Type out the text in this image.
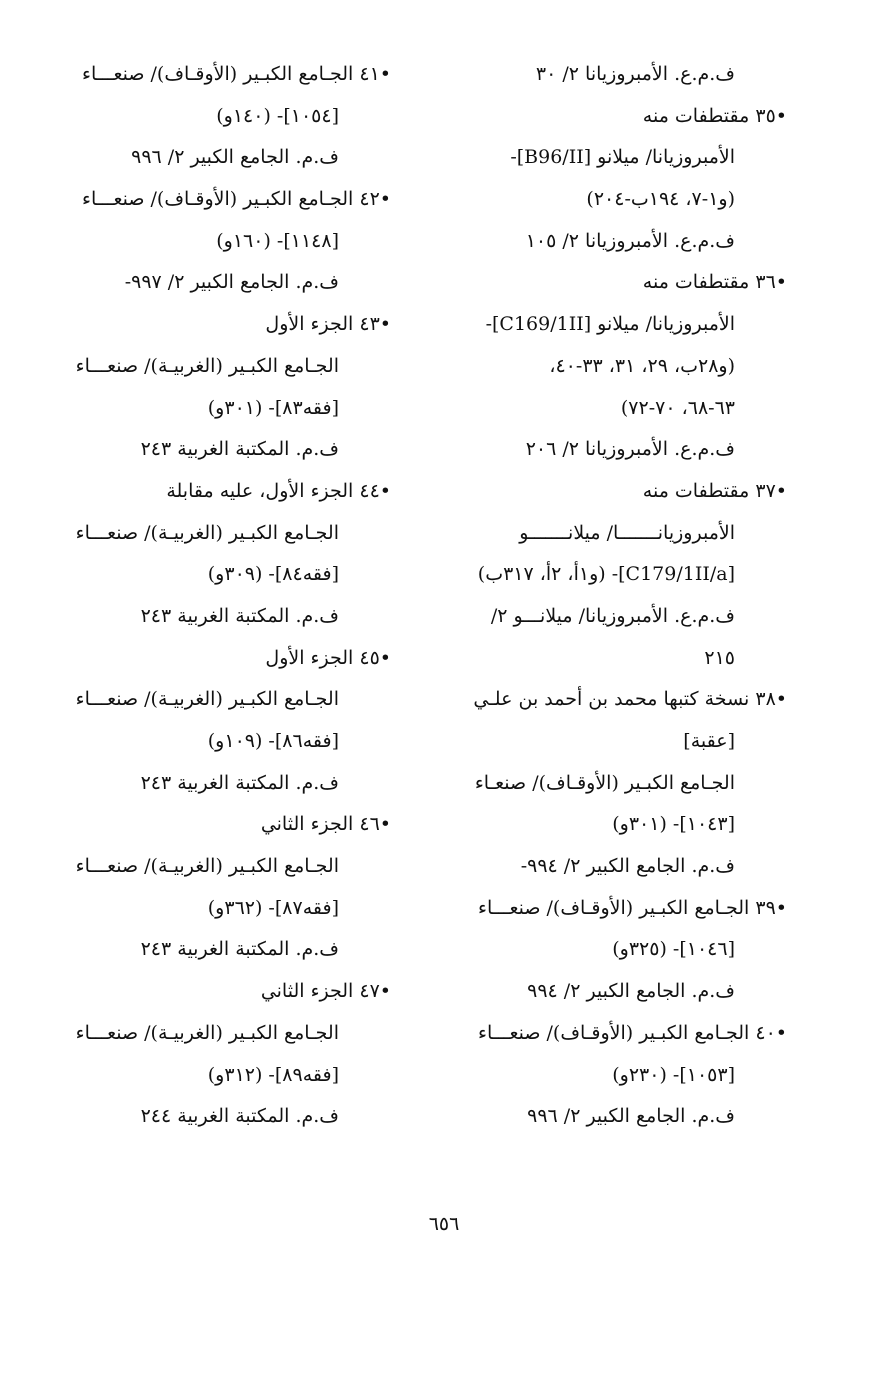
ف.م.ع. الأمبروزيانا ٢/ ٣٠
•٣٥ مقتطفات منه
الأمبروزيانا/ ميلانو [B96/II]-
(و١-٧، ١٩٤ب-٢٠٤)
ف.م.ع. الأمبروزيانا ٢/ ١٠٥
•٣٦ مقتطفات منه
الأمبروزيانا/ ميلانو [C169/1II]-
(و٢٨ب، ٢٩، ٣١، ٣٣-٤٠،
٦٣-٦٨، ٧٠-٧٢)
ف.م.ع. الأمبروزيانا ٢/ ٢٠٦
•٣٧ مقتطفات منه
الأمبروزيانـــــــا/ ميلانـــــــو
[C179/1II/a]- (و١أ، ٢أ، ٣١٧ب)
ف.م.ع. الأمبروزيانا/ ميلانـــو ٢/
٢١٥
•٣٨ نسخة كتبها محمد بن أحمد بن علـي
[عقبة]
الجـامع الكبـير (الأوقـاف)/ صنعـاء
[١٠٤٣]- (٣٠١و)
ف.م. الجامع الكبير ٢/ ٩٩٤-
•٣٩ الجـامع الكبـير (الأوقـاف)/ صنعـــاء
[١٠٤٦]- (٣٢٥و)
ف.م. الجامع الكبير ٢/ ٩٩٤
•٤٠ الجـامع الكبـير (الأوقـاف)/ صنعـــاء
[١٠٥٣]- (٢٣٠و)
ف.م. الجامع الكبير ٢/ ٩٩٦
•٤١ الجـامع الكبـير (الأوقـاف)/ صنعـــاء
[١٠٥٤]- (١٤٠و)
ف.م. الجامع الكبير ٢/ ٩٩٦
•٤٢ الجـامع الكبـير (الأوقـاف)/ صنعـــاء
[١١٤٨]- (١٦٠و)
ف.م. الجامع الكبير ٢/ ٩٩٧-
•٤٣ الجزء الأول
الجـامع الكبـير (الغربيـة)/ صنعـــاء
[فقه٨٣]- (٣٠١و)
ف.م. المكتبة الغربية ٢٤٣
•٤٤ الجزء الأول، عليه مقابلة
الجـامع الكبـير (الغربيـة)/ صنعـــاء
[فقه٨٤]- (٣٠٩و)
ف.م. المكتبة الغربية ٢٤٣
•٤٥ الجزء الأول
الجـامع الكبـير (الغربيـة)/ صنعـــاء
[فقه٨٦]- (١٠٩و)
ف.م. المكتبة الغربية ٢٤٣
•٤٦ الجزء الثاني
الجـامع الكبـير (الغربيـة)/ صنعـــاء
[فقه٨٧]- (٣٦٢و)
ف.م. المكتبة الغربية ٢٤٣
•٤٧ الجزء الثاني
الجـامع الكبـير (الغربيـة)/ صنعـــاء
[فقه٨٩]- (٣١٢و)
ف.م. المكتبة الغربية ٢٤٤
٦٥٦
